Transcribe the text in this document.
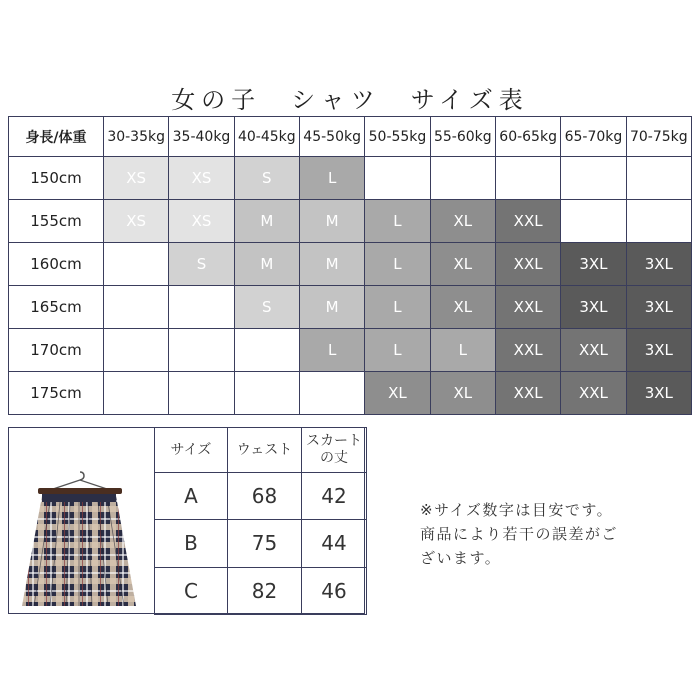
女の子　シャツ　サイズ表
身長/体重	30-35kg	35-40kg	40-45kg	45-50kg	50-55kg	55-60kg	60-65kg	65-70kg	70-75kg
150cm	XS	XS	S	L					
155cm	XS	XS	M	M	L	XL	XXL		
160cm		S	M	M	L	XL	XXL	3XL	3XL
165cm			S	M	L	XL	XXL	3XL	3XL
170cm				L	L	L	XXL	XXL	3XL
175cm					XL	XL	XXL	XXL	3XL
サイズ	ウェスト	スカートの丈
A	68	42
B	75	44
C	82	46
※サイズ数字は目安です。
商品により若干の誤差がご
ざいます。
